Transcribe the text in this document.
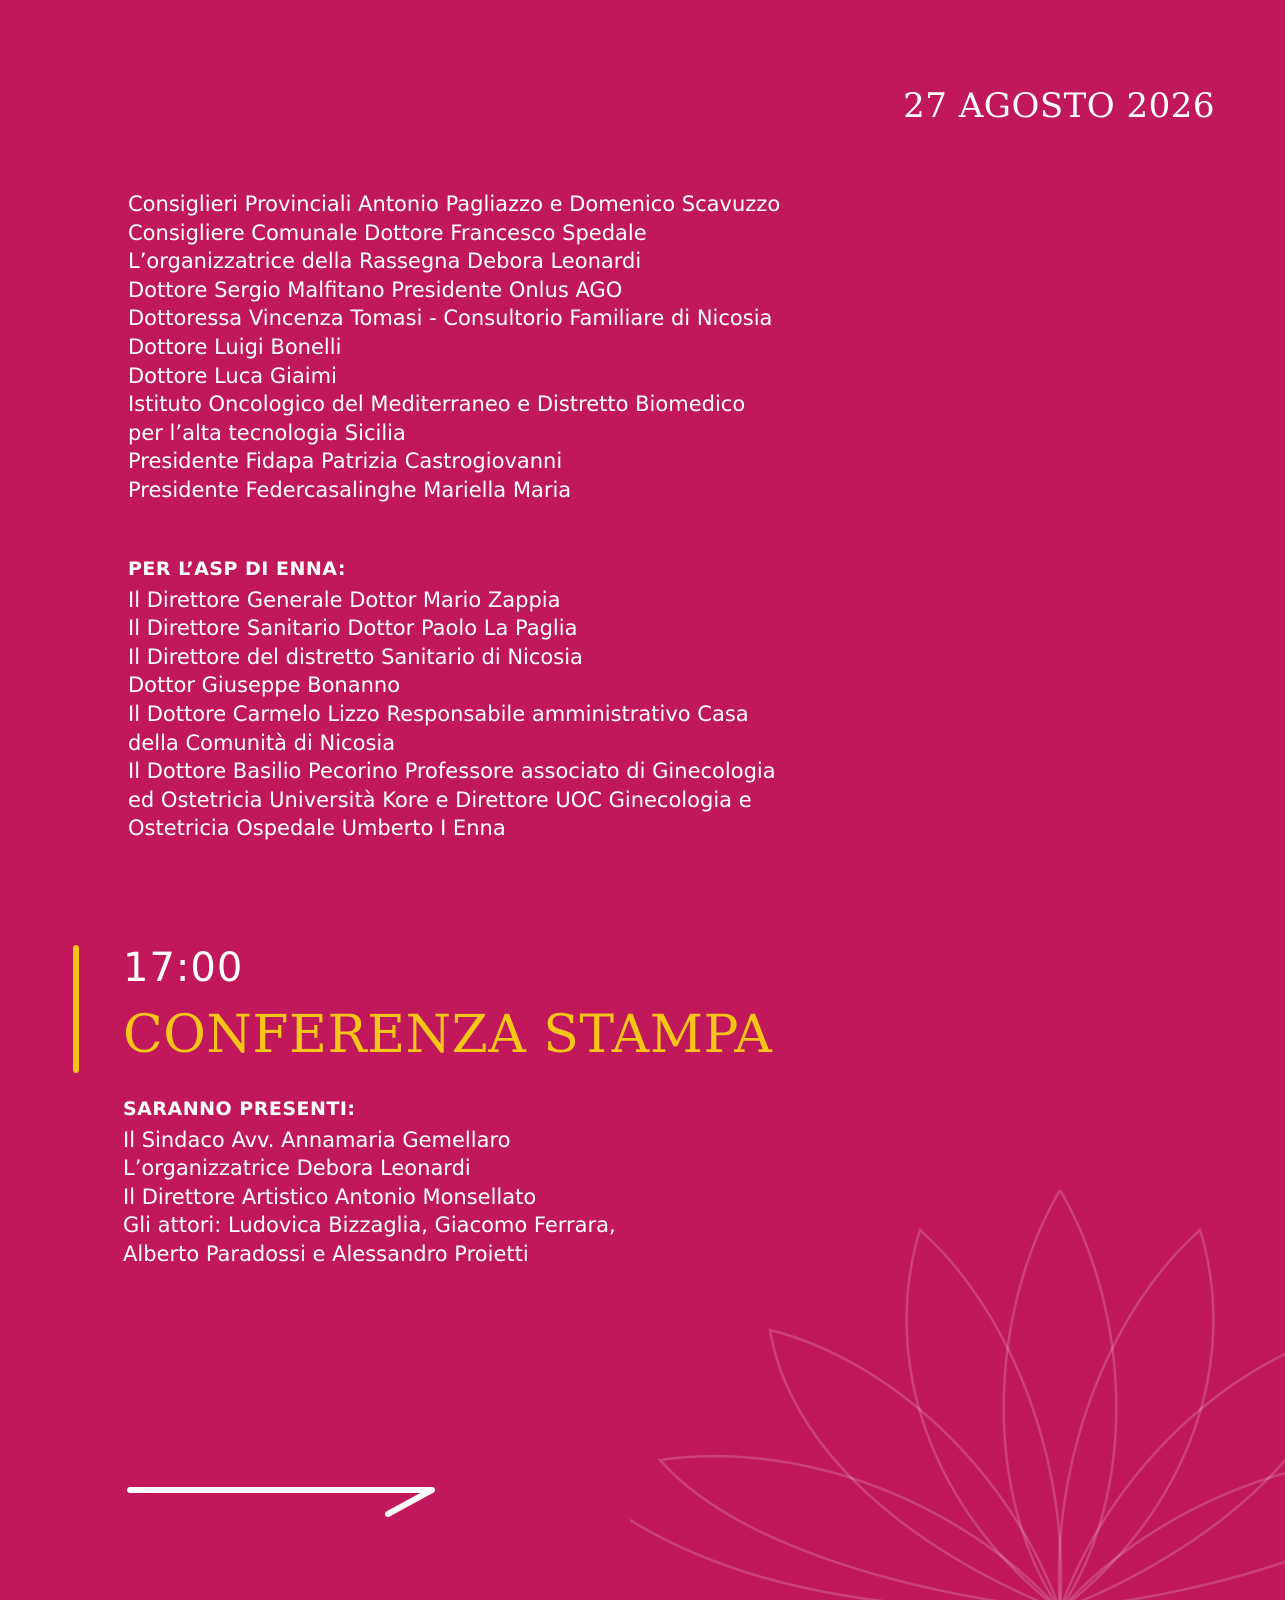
27 AGOSTO 2026
Consiglieri Provinciali Antonio Pagliazzo e Domenico Scavuzzo
Consigliere Comunale Dottore Francesco Spedale
L’organizzatrice della Rassegna Debora Leonardi
Dottore Sergio Malfitano Presidente Onlus AGO
Dottoressa Vincenza Tomasi - Consultorio Familiare di Nicosia
Dottore Luigi Bonelli
Dottore Luca Giaimi
Istituto Oncologico del Mediterraneo e Distretto Biomedico
per l’alta tecnologia Sicilia
Presidente Fidapa Patrizia Castrogiovanni
Presidente Federcasalinghe Mariella Maria
PER L’ASP DI ENNA:
Il Direttore Generale Dottor Mario Zappia
Il Direttore Sanitario Dottor Paolo La Paglia
Il Direttore del distretto Sanitario di Nicosia
Dottor Giuseppe Bonanno
Il Dottore Carmelo Lizzo Responsabile amministrativo Casa
della Comunità di Nicosia
Il Dottore Basilio Pecorino Professore associato di Ginecologia
ed Ostetricia Università Kore e Direttore UOC Ginecologia e
Ostetricia Ospedale Umberto I Enna
17:00
CONFERENZA STAMPA
SARANNO PRESENTI:
Il Sindaco Avv. Annamaria Gemellaro
L’organizzatrice Debora Leonardi
Il Direttore Artistico Antonio Monsellato
Gli attori: Ludovica Bizzaglia, Giacomo Ferrara,
Alberto Paradossi e Alessandro Proietti
